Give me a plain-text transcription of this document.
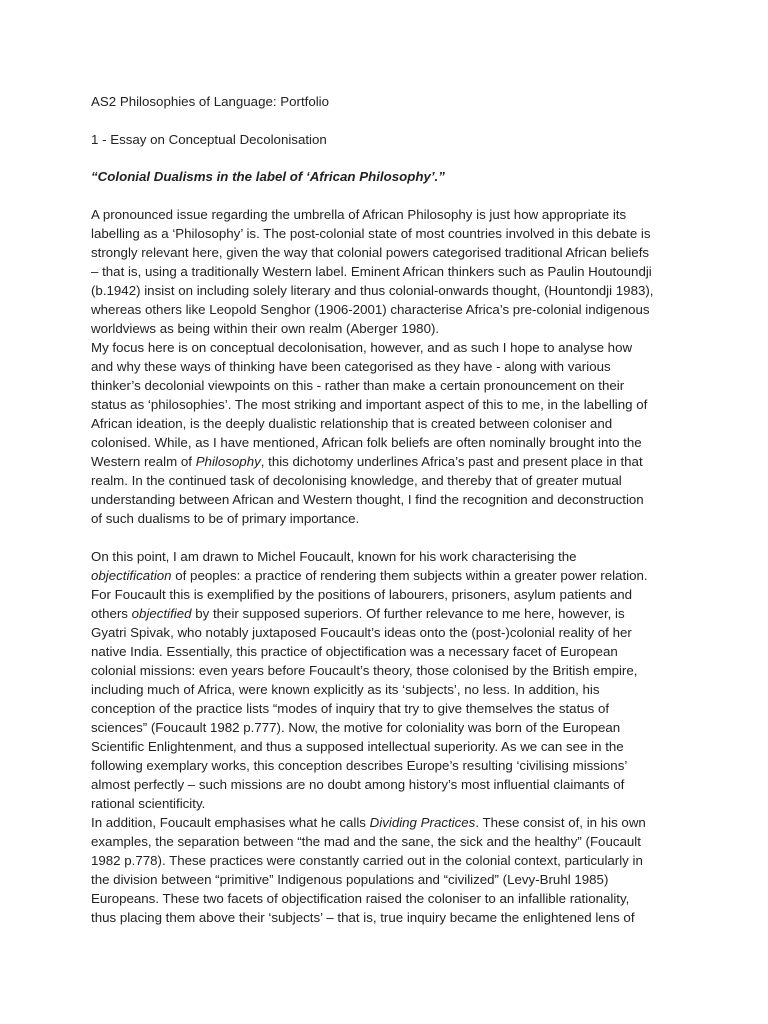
AS2 Philosophies of Language: Portfolio

1 - Essay on Conceptual Decolonisation

“Colonial Dualisms in the label of ‘African Philosophy’.”

A pronounced issue regarding the umbrella of African Philosophy is just how appropriate its

labelling as a ‘Philosophy’ is. The post-colonial state of most countries involved in this debate is

strongly relevant here, given the way that colonial powers categorised traditional African beliefs

– that is, using a traditionally Western label. Eminent African thinkers such as Paulin Houtoundji

(b.1942) insist on including solely literary and thus colonial-onwards thought, (Hountondji 1983),

whereas others like Leopold Senghor (1906-2001) characterise Africa’s pre-colonial indigenous

worldviews as being within their own realm (Aberger 1980).

My focus here is on conceptual decolonisation, however, and as such I hope to analyse how

and why these ways of thinking have been categorised as they have - along with various

thinker’s decolonial viewpoints on this - rather than make a certain pronouncement on their

status as ‘philosophies’. The most striking and important aspect of this to me, in the labelling of

African ideation, is the deeply dualistic relationship that is created between coloniser and

colonised. While, as I have mentioned, African folk beliefs are often nominally brought into the

Western realm of Philosophy, this dichotomy underlines Africa’s past and present place in that

realm. In the continued task of decolonising knowledge, and thereby that of greater mutual

understanding between African and Western thought, I find the recognition and deconstruction

of such dualisms to be of primary importance.

On this point, I am drawn to Michel Foucault, known for his work characterising the

objectification of peoples: a practice of rendering them subjects within a greater power relation.

For Foucault this is exemplified by the positions of labourers, prisoners, asylum patients and

others objectified by their supposed superiors. Of further relevance to me here, however, is

Gyatri Spivak, who notably juxtaposed Foucault’s ideas onto the (post-)colonial reality of her

native India. Essentially, this practice of objectification was a necessary facet of European

colonial missions: even years before Foucault’s theory, those colonised by the British empire,

including much of Africa, were known explicitly as its ‘subjects’, no less. In addition, his

conception of the practice lists “modes of inquiry that try to give themselves the status of

sciences” (Foucault 1982 p.777). Now, the motive for coloniality was born of the European

Scientific Enlightenment, and thus a supposed intellectual superiority. As we can see in the

following exemplary works, this conception describes Europe’s resulting ‘civilising missions’

almost perfectly – such missions are no doubt among history’s most influential claimants of

rational scientificity.

In addition, Foucault emphasises what he calls Dividing Practices. These consist of, in his own

examples, the separation between “the mad and the sane, the sick and the healthy” (Foucault

1982 p.778). These practices were constantly carried out in the colonial context, particularly in

the division between “primitive” Indigenous populations and “civilized” (Levy-Bruhl 1985)

Europeans. These two facets of objectification raised the coloniser to an infallible rationality,

thus placing them above their ‘subjects’ – that is, true inquiry became the enlightened lens of
